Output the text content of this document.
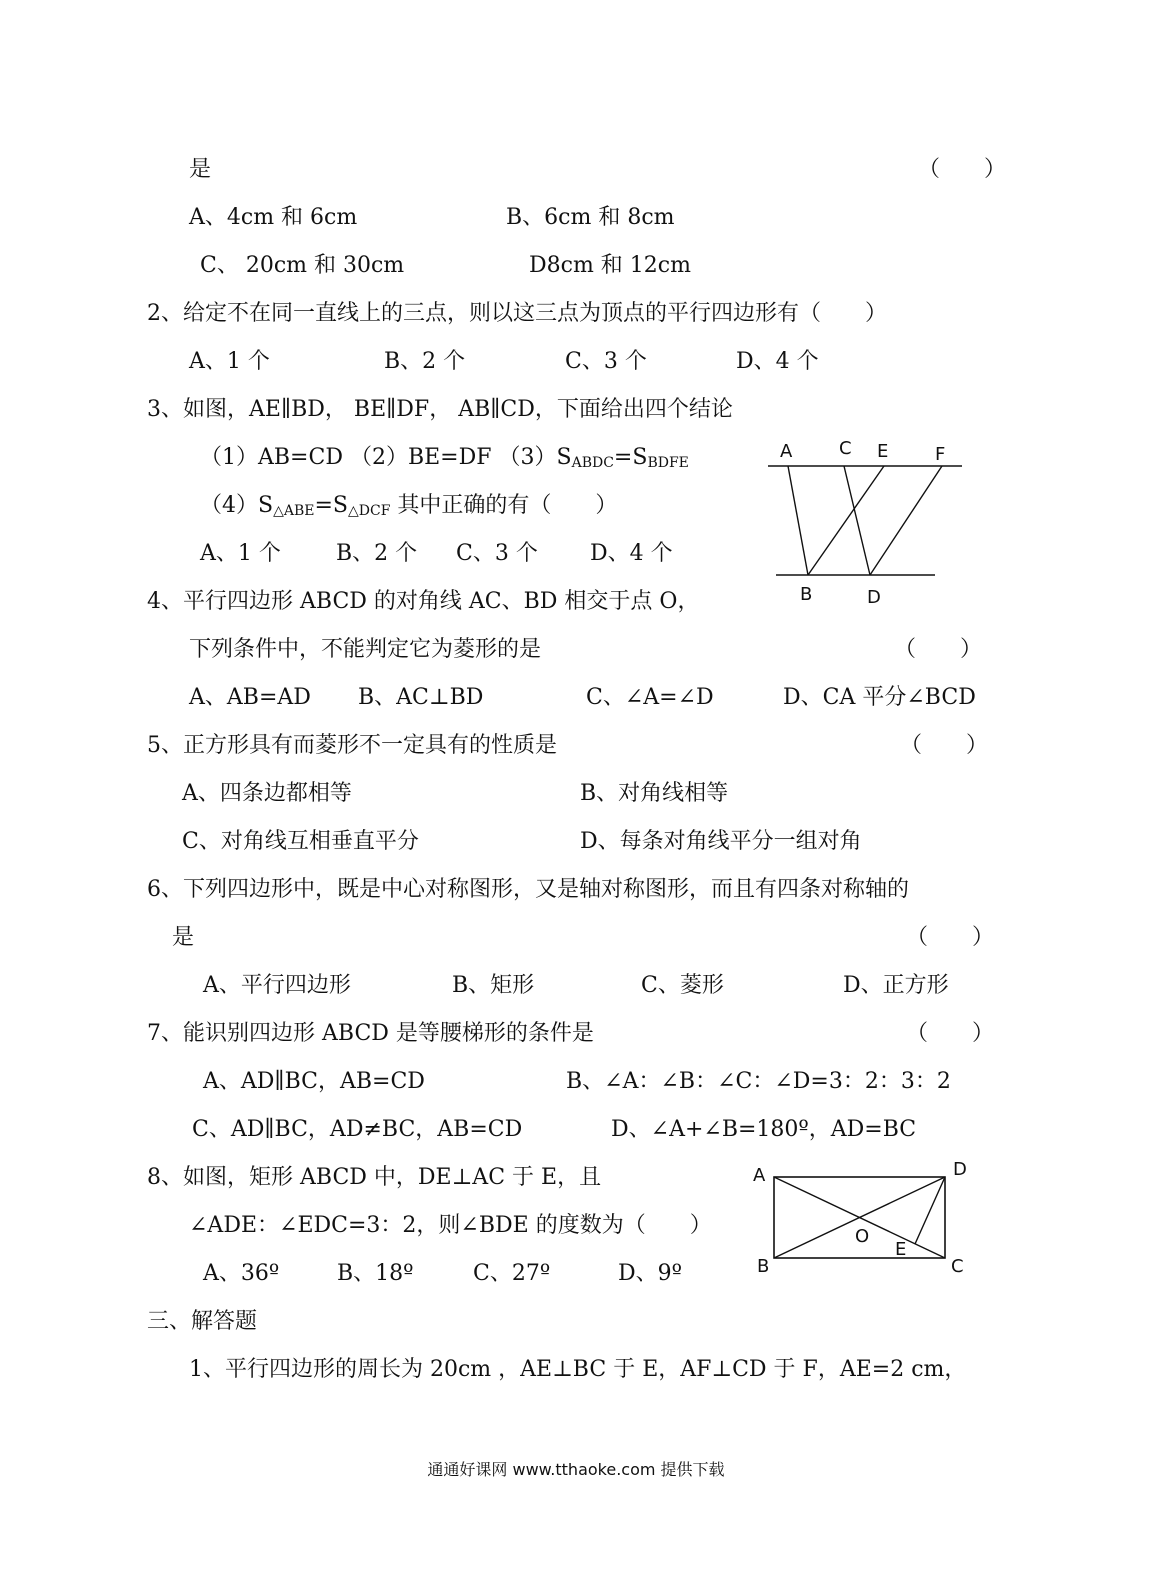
是	（　　）
A、4cm 和 6cm	B、6cm 和 8cm
C、 20cm 和 30cm	D8cm 和 12cm
2、给定不在同一直线上的三点，则以这三点为顶点的平行四边形有（　　）
A、1 个	B、2 个	C、3 个	D、4 个
3、如图，AE∥BD， BE∥DF， AB∥CD，下面给出四个结论
（1）AB=CD （2）BE=DF $(3)S_{ABDC}=S_{BDFE}$
$(4)S_{\triangle ABE}=S_{\triangle DCF}$ 其中正确的有（　　）
A、1 个	B、2 个 C、3 个 D、4 个
A	C E	F
B	D
4、平行四边形 ABCD 的对角线 AC、BD 相交于点 O，
下列条件中，不能判定它为菱形的是	（　　）
A、AB=AD B、AC⊥BD	C、∠A=∠D	D、CA 平分∠BCD
5、正方形具有而菱形不一定具有的性质是	（　　）
A、四条边都相等	B、对角线相等
C、对角线互相垂直平分	D、每条对角线平分一组对角
6、下列四边形中，既是中心对称图形，又是轴对称图形，而且有四条对称轴的
是	（　　）
A、平行四边形	B、矩形	C、菱形	D、正方形
7、能识别四边形 ABCD 是等腰梯形的条件是	（　　）
A、AD∥BC，AB=CD	B、∠A：∠B：∠C：∠D=3：2：3：2
C、AD∥BC，AD≠BC，AB=CD	D、∠A+∠B=180º，AD=BC
8、如图，矩形 ABCD 中，DE⊥AC 于 E，且
∠ADE：∠EDC=3：2，则∠BDE 的度数为（　　）
A、36º	B、18º	C、27º	D、9º
A	D
B	C
O
E
三、解答题
1、平行四边形的周长为 20cm ，AE⊥BC 于 E，AF⊥CD 于 F，AE=2 cm，
通通好课网 www.tthaoke.com 提供下载
